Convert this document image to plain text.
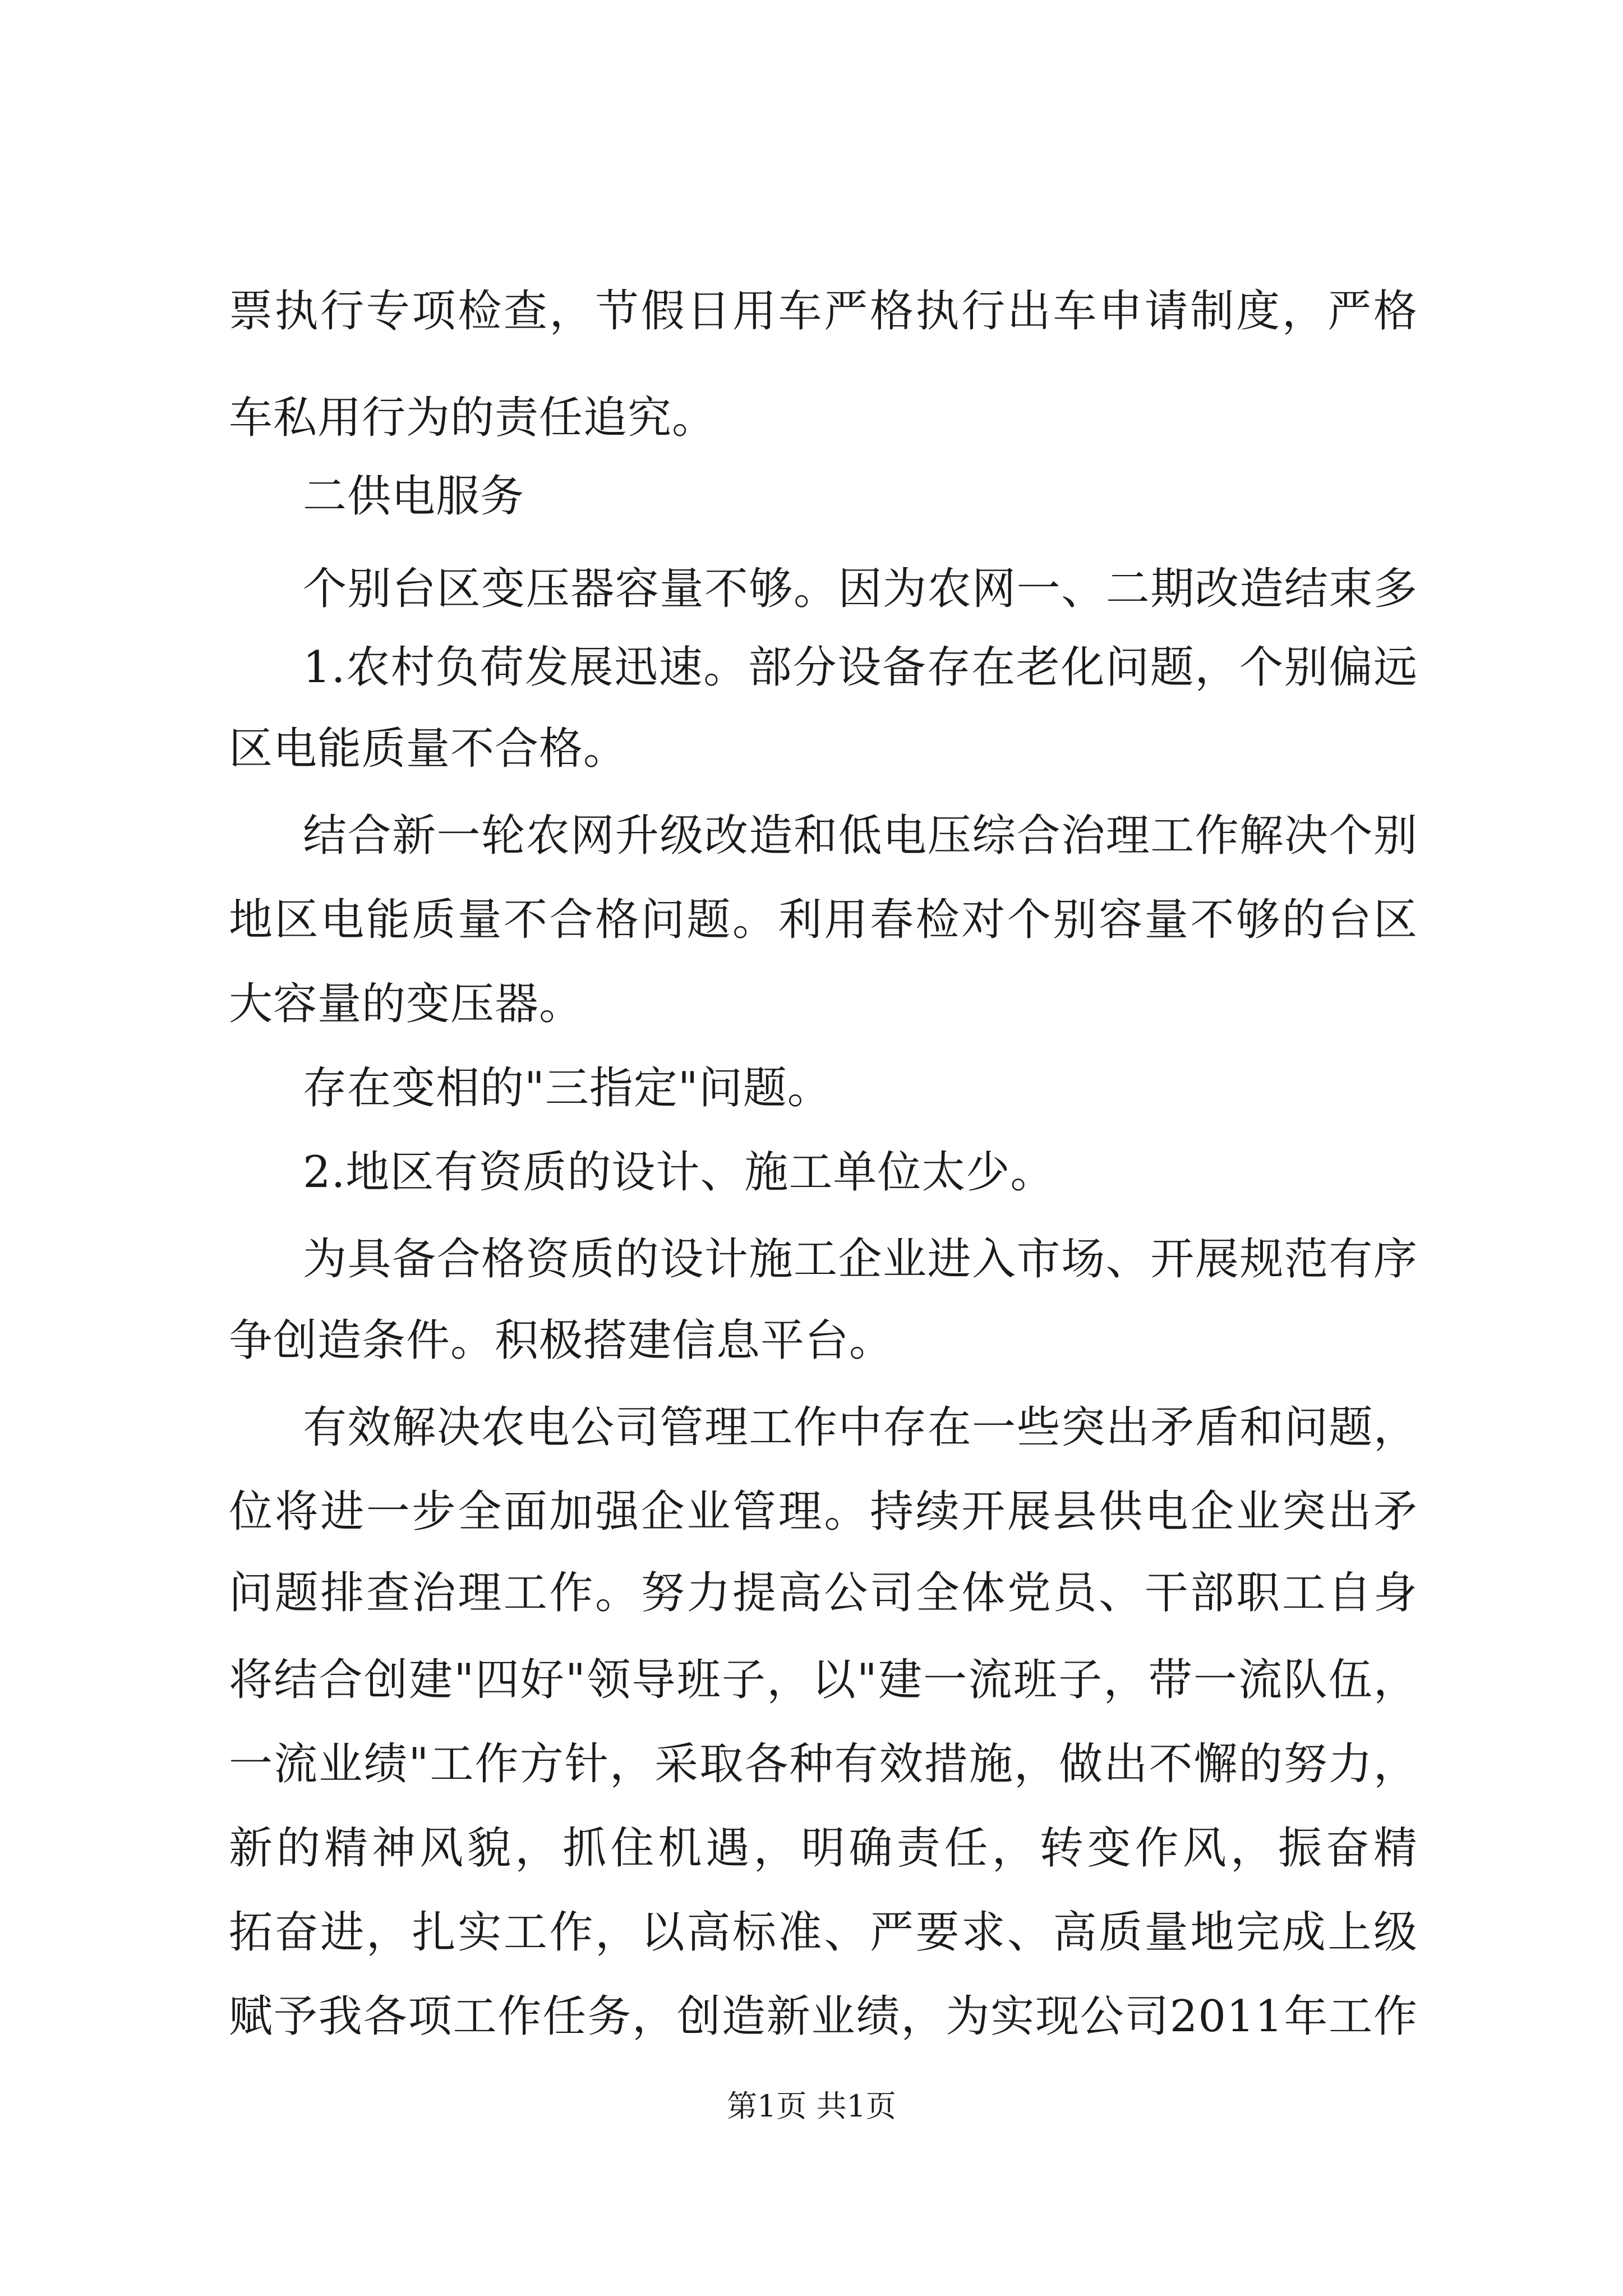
票执行专项检查，节假日用车严格执行出车申请制度，严格
车私用行为的责任追究。
二供电服务
个别台区变压器容量不够。因为农网一、二期改造结束多
1.农村负荷发展迅速。部分设备存在老化问题，个别偏远
区电能质量不合格。
结合新一轮农网升级改造和低电压综合治理工作解决个别
地区电能质量不合格问题。利用春检对个别容量不够的台区
大容量的变压器。
存在变相的"三指定"问题。
2.地区有资质的设计、施工单位太少。
为具备合格资质的设计施工企业进入市场、开展规范有序
争创造条件。积极搭建信息平台。
有效解决农电公司管理工作中存在一些突出矛盾和问题，
位将进一步全面加强企业管理。持续开展县供电企业突出矛
问题排查治理工作。努力提高公司全体党员、干部职工自身
将结合创建"四好"领导班子，以"建一流班子，带一流队伍，
一流业绩"工作方针，采取各种有效措施，做出不懈的努力，
新的精神风貌，抓住机遇，明确责任，转变作风，振奋精
拓奋进，扎实工作，以高标准、严要求、高质量地完成上级
赋予我各项工作任务，创造新业绩，为实现公司2011年工作
第1页 共1页
